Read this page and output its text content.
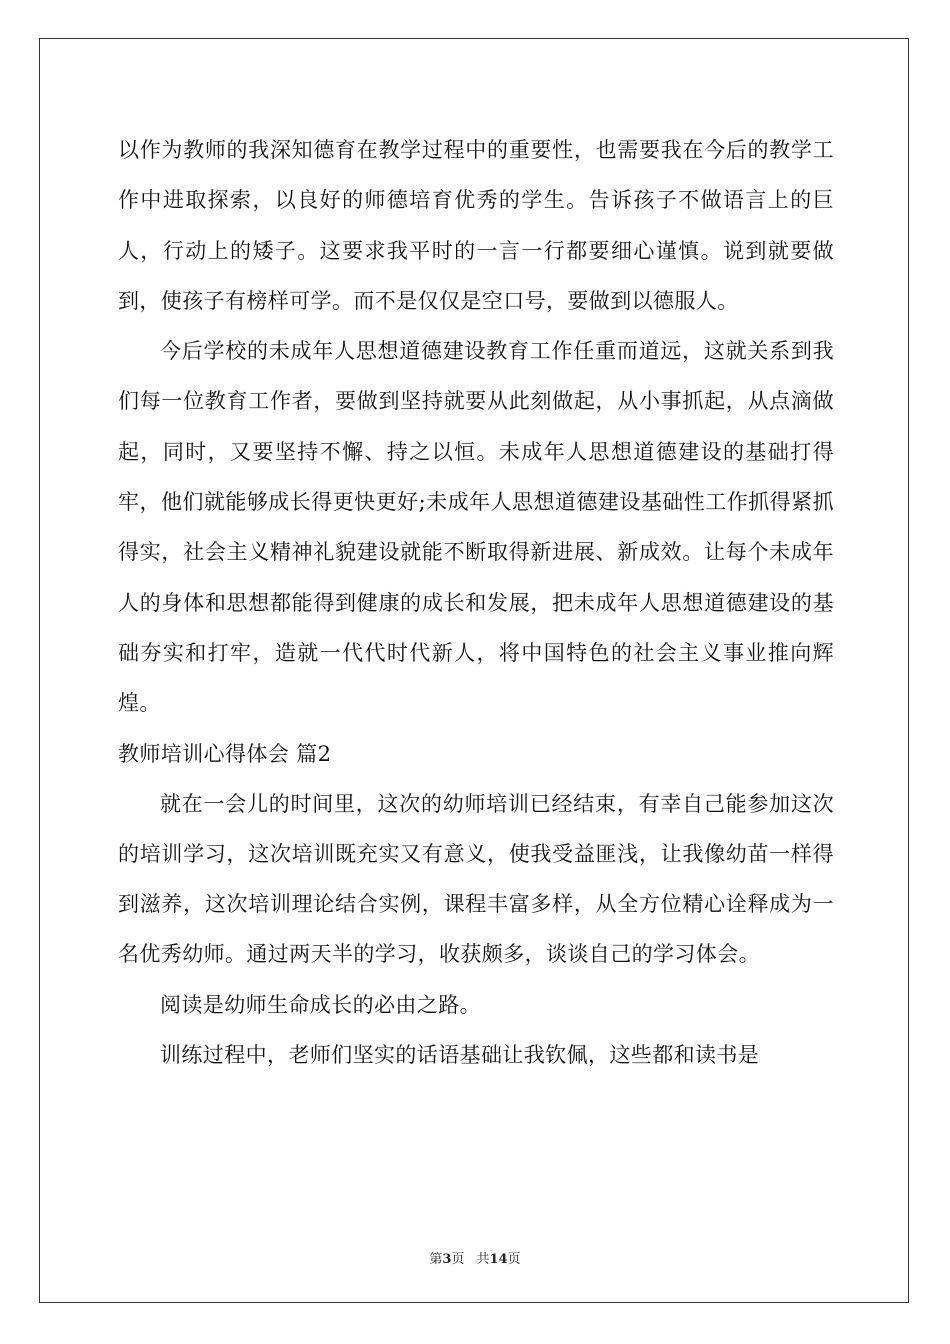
以作为教师的我深知德育在教学过程中的重要性，也需要我在今后的教学工作中进取探索，以良好的师德培育优秀的学生。告诉孩子不做语言上的巨人，行动上的矮子。这要求我平时的一言一行都要细心谨慎。说到就要做到，使孩子有榜样可学。而不是仅仅是空口号，要做到以德服人。

今后学校的未成年人思想道德建设教育工作任重而道远，这就关系到我们每一位教育工作者，要做到坚持就要从此刻做起，从小事抓起，从点滴做起，同时，又要坚持不懈、持之以恒。未成年人思想道德建设的基础打得牢，他们就能够成长得更快更好;未成年人思想道德建设基础性工作抓得紧抓得实，社会主义精神礼貌建设就能不断取得新进展、新成效。让每个未成年人的身体和思想都能得到健康的成长和发展，把未成年人思想道德建设的基础夯实和打牢，造就一代代时代新人，将中国特色的社会主义事业推向辉煌。

教师培训心得体会 篇2

就在一会儿的时间里，这次的幼师培训已经结束，有幸自己能参加这次的培训学习，这次培训既充实又有意义，使我受益匪浅，让我像幼苗一样得到滋养，这次培训理论结合实例，课程丰富多样，从全方位精心诠释成为一名优秀幼师。通过两天半的学习，收获颇多，谈谈自己的学习体会。

阅读是幼师生命成长的必由之路。

训练过程中，老师们坚实的话语基础让我钦佩，这些都和读书是

第3页 共14页
